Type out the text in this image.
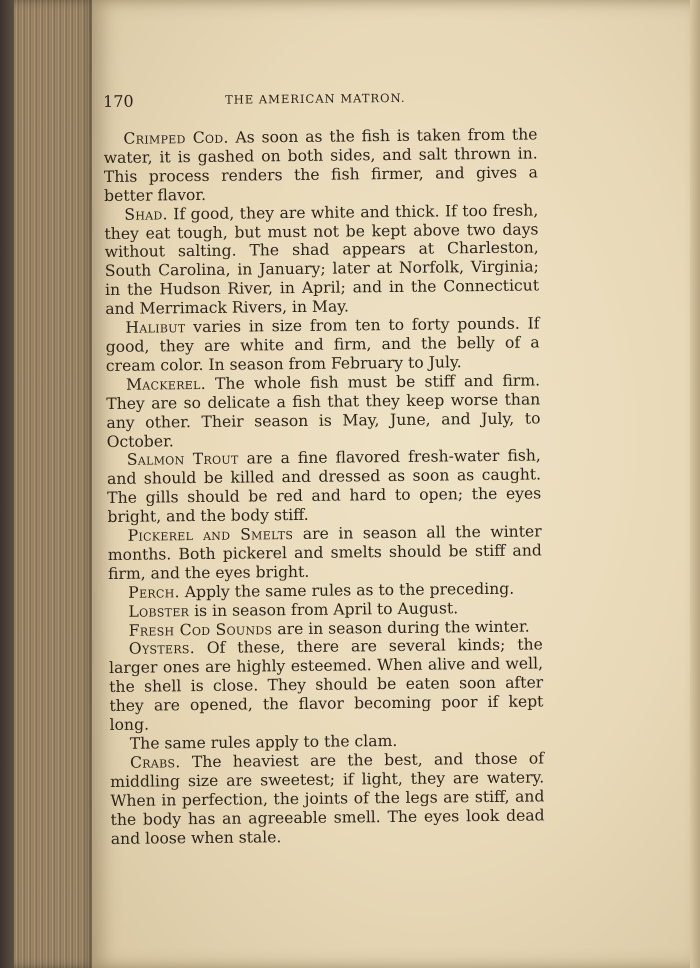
170	THE AMERICAN MATRON.

Crimped Cod. As soon as the fish is taken from the water, it is gashed on both sides, and salt thrown in. This process renders the fish firmer, and gives a better flavor.

Shad. If good, they are white and thick. If too fresh, they eat tough, but must not be kept above two days without salting. The shad appears at Charleston, South Carolina, in January; later at Norfolk, Virginia; in the Hudson River, in April; and in the Connecticut and Merrimack Rivers, in May.

Halibut varies in size from ten to forty pounds. If good, they are white and firm, and the belly of a cream color. In season from February to July.

Mackerel. The whole fish must be stiff and firm. They are so delicate a fish that they keep worse than any other. Their season is May, June, and July, to October.

Salmon Trout are a fine flavored fresh-water fish, and should be killed and dressed as soon as caught. The gills should be red and hard to open; the eyes bright, and the body stiff.

Pickerel and Smelts are in season all the winter months. Both pickerel and smelts should be stiff and firm, and the eyes bright.

Perch. Apply the same rules as to the preceding.

Lobster is in season from April to August.

Fresh Cod Sounds are in season during the winter.

Oysters. Of these, there are several kinds; the larger ones are highly esteemed. When alive and well, the shell is close. They should be eaten soon after they are opened, the flavor becoming poor if kept long.

The same rules apply to the clam.

Crabs. The heaviest are the best, and those of middling size are sweetest; if light, they are watery. When in perfection, the joints of the legs are stiff, and the body has an agreeable smell. The eyes look dead and loose when stale.
